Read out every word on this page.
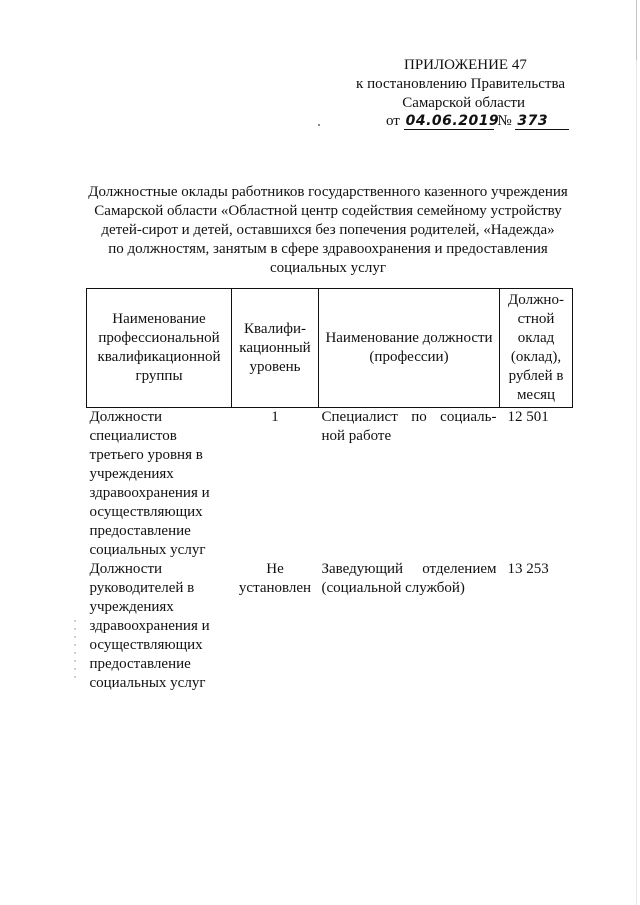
ПРИЛОЖЕНИЕ 47
к постановлению Правительства
Самарской области
от 04.06.2019 № 373
Должностные оклады работников государственного казенного учреждения
Самарской области «Областной центр содействия семейному устройству
детей-сирот и детей, оставшихся без попечения родителей, «Надежда»
по должностям, занятым в сфере здравоохранения и предоставления
социальных услуг
Наименование профессиональной квалификационной группы	Квалифи-кационный уровень	Наименование должности (профессии)	Должно-стной оклад (оклад), рублей в месяц
Должности специалистов третьего уровня в учреждениях здравоохранения и осуществляющих предоставление социальных услуг	1	Специалист по социаль-ной работе	12 501
Должности руководителей в учреждениях здравоохранения и осуществляющих предоставление социальных услуг	Не установлен	Заведующий отделением (социальной службой)	13 253
